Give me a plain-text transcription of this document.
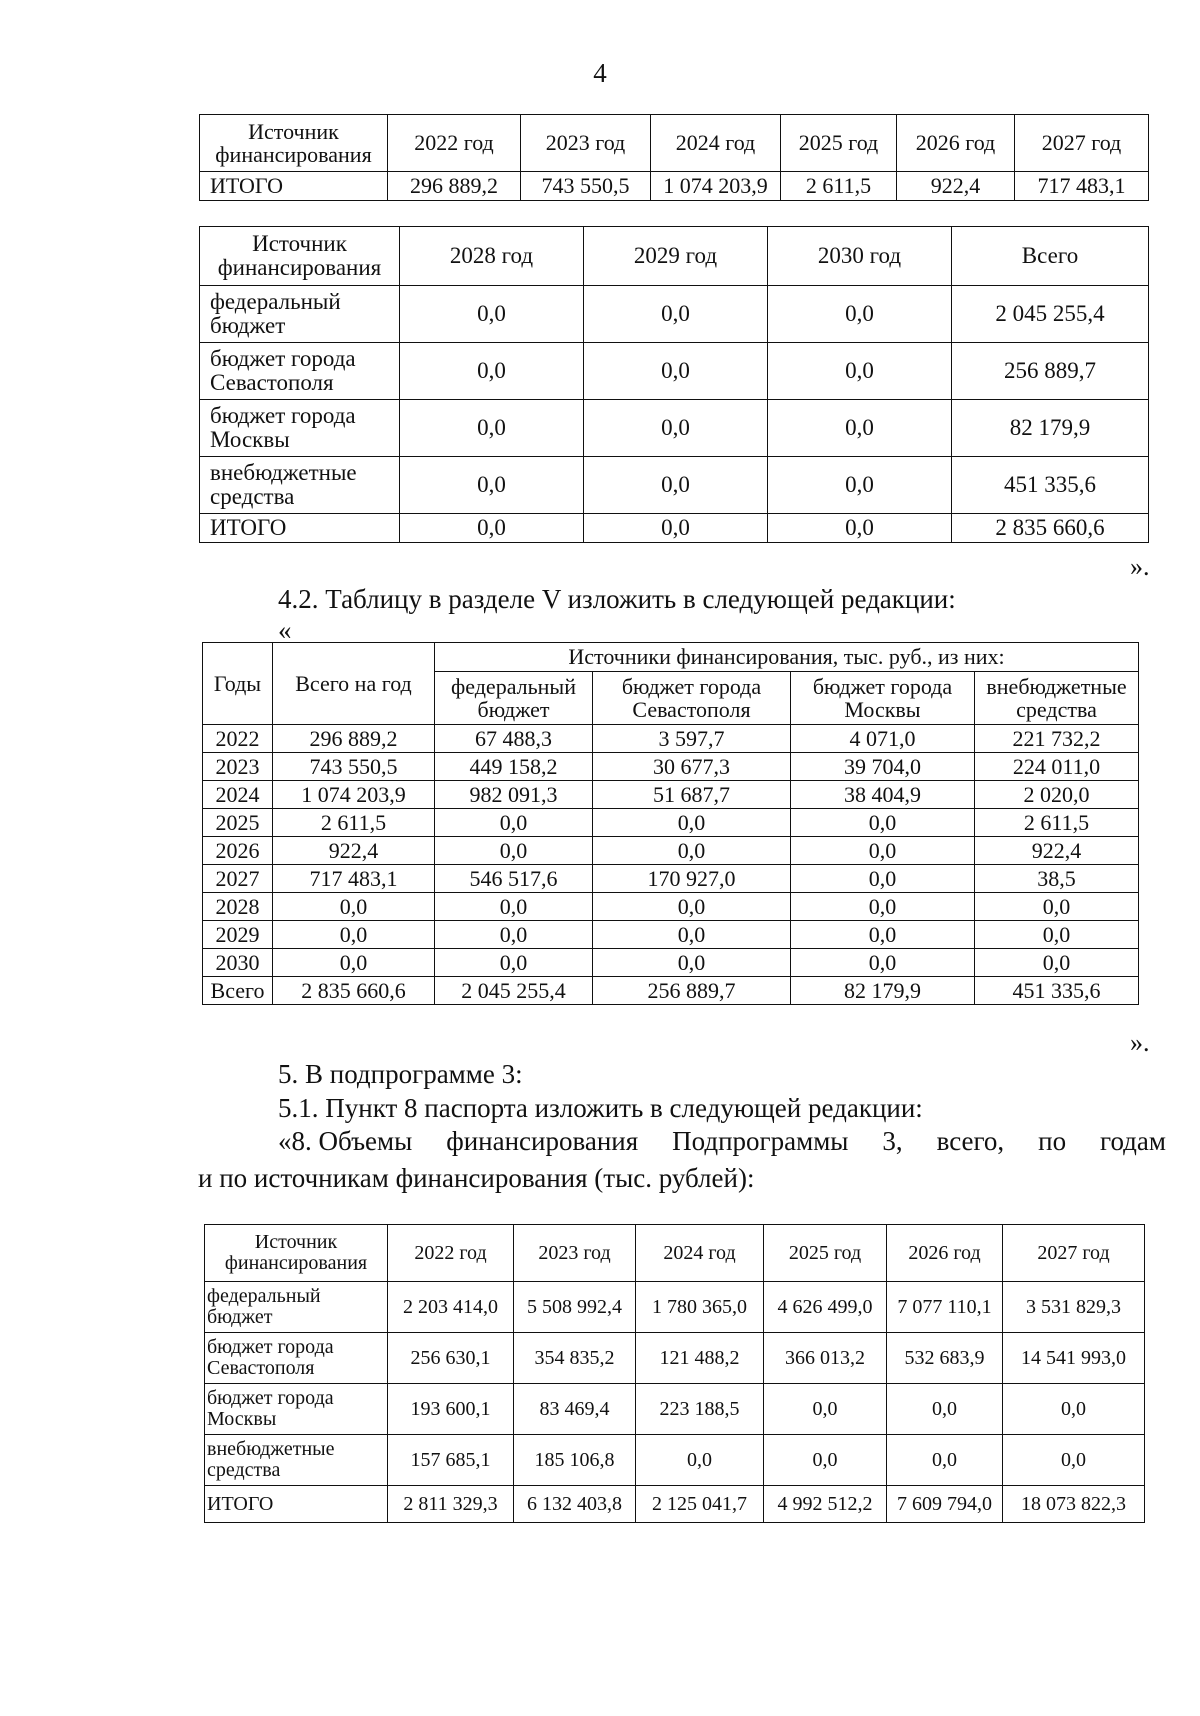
4
Источник финансирования	2022 год	2023 год	2024 год	2025 год	2026 год	2027 год
ИТОГО	296 889,2	743 550,5	1 074 203,9	2 611,5	922,4	717 483,1
Источник финансирования	2028 год	2029 год	2030 год	Всего
федеральный бюджет	0,0	0,0	0,0	2 045 255,4
бюджет города Севастополя	0,0	0,0	0,0	256 889,7
бюджет города Москвы	0,0	0,0	0,0	82 179,9
внебюджетные средства	0,0	0,0	0,0	451 335,6
ИТОГО	0,0	0,0	0,0	2 835 660,6
».
4.2. Таблицу в разделе V изложить в следующей редакции:
«
Годы	Всего на год	Источники финансирования, тыс. руб., из них:			
		федеральный бюджет	бюджет города Севастополя	бюджет города Москвы	внебюджетные средства
2022	296 889,2	67 488,3	3 597,7	4 071,0	221 732,2
2023	743 550,5	449 158,2	30 677,3	39 704,0	224 011,0
2024	1 074 203,9	982 091,3	51 687,7	38 404,9	2 020,0
2025	2 611,5	0,0	0,0	0,0	2 611,5
2026	922,4	0,0	0,0	0,0	922,4
2027	717 483,1	546 517,6	170 927,0	0,0	38,5
2028	0,0	0,0	0,0	0,0	0,0
2029	0,0	0,0	0,0	0,0	0,0
2030	0,0	0,0	0,0	0,0	0,0
Всего	2 835 660,6	2 045 255,4	256 889,7	82 179,9	451 335,6
».
5. В подпрограмме 3:
5.1. Пункт 8 паспорта изложить в следующей редакции:
«8. Объемы финансирования Подпрограммы 3, всего, по годам
и по источникам финансирования (тыс. рублей):
Источник финансирования	2022 год	2023 год	2024 год	2025 год	2026 год	2027 год
федеральный бюджет	2 203 414,0	5 508 992,4	1 780 365,0	4 626 499,0	7 077 110,1	3 531 829,3
бюджет города Севастополя	256 630,1	354 835,2	121 488,2	366 013,2	532 683,9	14 541 993,0
бюджет города Москвы	193 600,1	83 469,4	223 188,5	0,0	0,0	0,0
внебюджетные средства	157 685,1	185 106,8	0,0	0,0	0,0	0,0
ИТОГО	2 811 329,3	6 132 403,8	2 125 041,7	4 992 512,2	7 609 794,0	18 073 822,3
